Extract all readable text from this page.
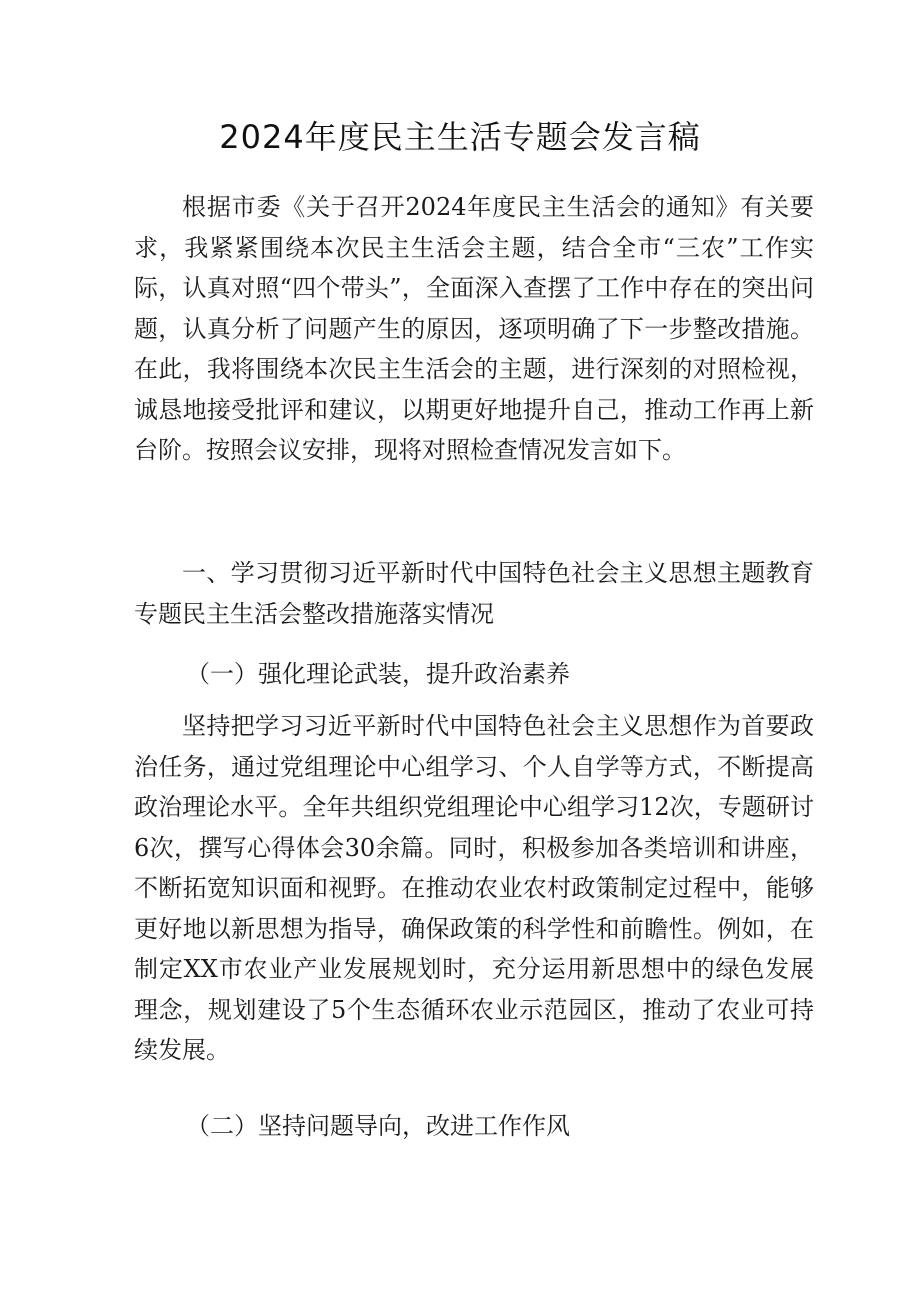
2024年度民主生活专题会发言稿

根据市委《关于召开2024年度民主生活会的通知》有关要求，我紧紧围绕本次民主生活会主题，结合全市“三农”工作实际，认真对照“四个带头”，全面深入查摆了工作中存在的突出问题，认真分析了问题产生的原因，逐项明确了下一步整改措施。在此，我将围绕本次民主生活会的主题，进行深刻的对照检视，诚恳地接受批评和建议，以期更好地提升自己，推动工作再上新台阶。按照会议安排，现将对照检查情况发言如下。

一、学习贯彻习近平新时代中国特色社会主义思想主题教育专题民主生活会整改措施落实情况

（一）强化理论武装，提升政治素养

坚持把学习习近平新时代中国特色社会主义思想作为首要政治任务，通过党组理论中心组学习、个人自学等方式，不断提高政治理论水平。全年共组织党组理论中心组学习12次，专题研讨6次，撰写心得体会30余篇。同时，积极参加各类培训和讲座，不断拓宽知识面和视野。在推动农业农村政策制定过程中，能够更好地以新思想为指导，确保政策的科学性和前瞻性。例如，在制定XX市农业产业发展规划时，充分运用新思想中的绿色发展理念，规划建设了5个生态循环农业示范园区，推动了农业可持续发展。

（二）坚持问题导向，改进工作作风
